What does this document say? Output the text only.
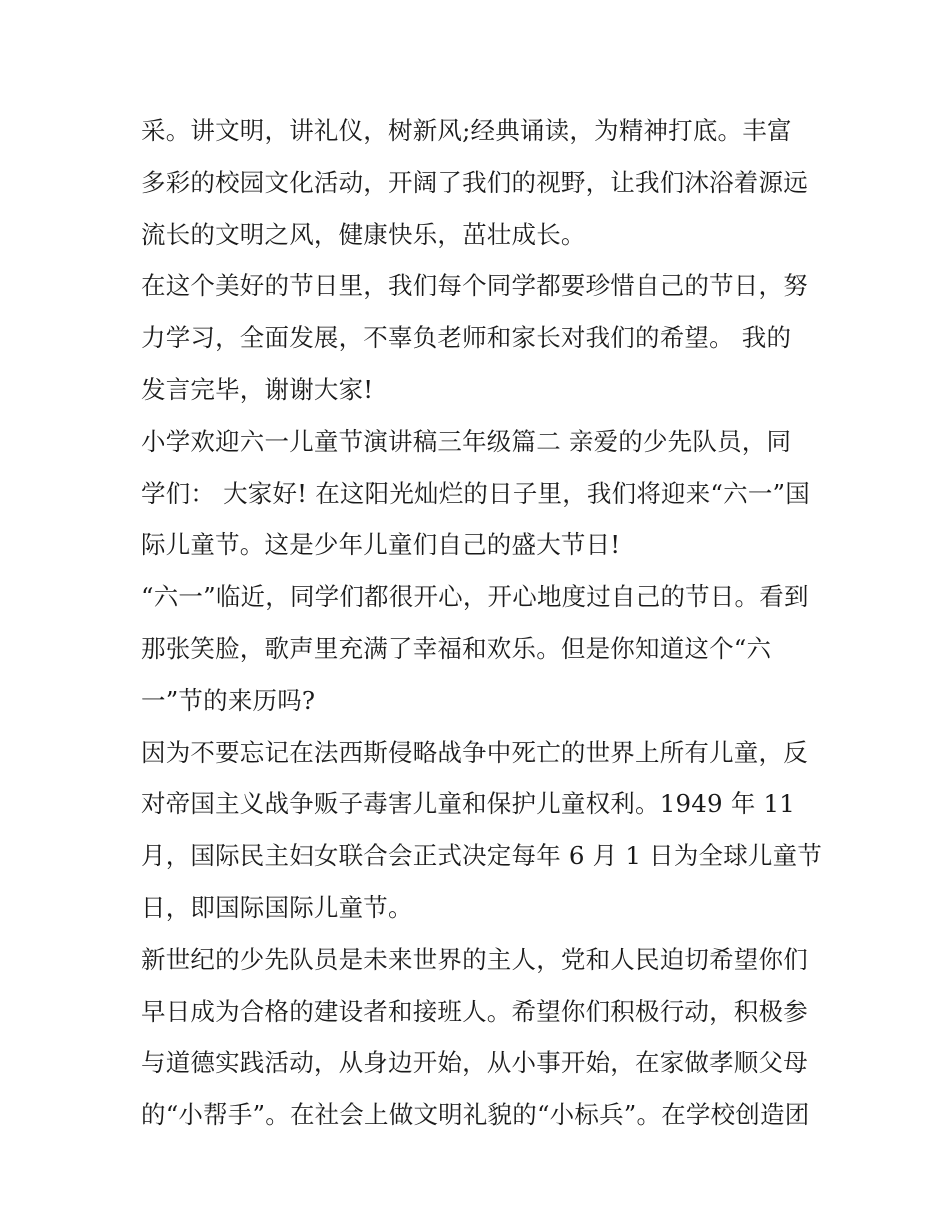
采。讲文明，讲礼仪，树新风;经典诵读，为精神打底。丰富
多彩的校园文化活动，开阔了我们的视野，让我们沐浴着源远
流长的文明之风，健康快乐，茁壮成长。
在这个美好的节日里，我们每个同学都要珍惜自己的节日，努
力学习，全面发展，不辜负老师和家长对我们的希望。 我的
发言完毕，谢谢大家!
小学欢迎六一儿童节演讲稿三年级篇二 亲爱的少先队员，同
学们： 大家好! 在这阳光灿烂的日子里，我们将迎来“六一”国
际儿童节。这是少年儿童们自己的盛大节日!
“六一”临近，同学们都很开心，开心地度过自己的节日。看到
那张笑脸，歌声里充满了幸福和欢乐。但是你知道这个“六
一”节的来历吗?
因为不要忘记在法西斯侵略战争中死亡的世界上所有儿童，反
对帝国主义战争贩子毒害儿童和保护儿童权利。1949 年 11
月，国际民主妇女联合会正式决定每年 6 月 1 日为全球儿童节
日，即国际国际儿童节。
新世纪的少先队员是未来世界的主人，党和人民迫切希望你们
早日成为合格的建设者和接班人。希望你们积极行动，积极参
与道德实践活动，从身边开始，从小事开始，在家做孝顺父母
的“小帮手”。在社会上做文明礼貌的“小标兵”。在学校创造团
